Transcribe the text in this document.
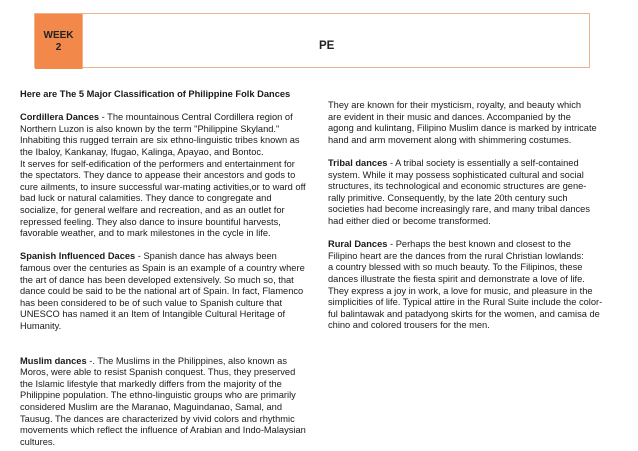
WEEK
2	PE

Here are The 5 Major Classification of Philippine Folk Dances

Cordillera Dances - The mountainous Central Cordillera region of
Northern Luzon is also known by the term "Philippine Skyland."
Inhabiting this rugged terrain are six ethno-linguistic tribes known as
the Ibaloy, Kankanay, Ifugao, Kalinga, Apayao, and Bontoc.
It serves for self-edification of the performers and entertainment for
the spectators. They dance to appease their ancestors and gods to
cure ailments, to insure successful war-mating activities,or to ward off
bad luck or natural calamities. They dance to congregate and
socialize, for general welfare and recreation, and as an outlet for
repressed feeling. They also dance to insure bountiful harvests,
favorable weather, and to mark milestones in the cycle in life.

Spanish Influenced Daces - Spanish dance has always been
famous over the centuries as Spain is an example of a country where
the art of dance has been developed extensively. So much so, that
dance could be said to be the national art of Spain. In fact, Flamenco
has been considered to be of such value to Spanish culture that
UNESCO has named it an Item of Intangible Cultural Heritage of
Humanity.

Muslim dances -. The Muslims in the Philippines, also known as
Moros, were able to resist Spanish conquest. Thus, they preserved
the Islamic lifestyle that markedly differs from the majority of the
Philippine population. The ethno-linguistic groups who are primarily
considered Muslim are the Maranao, Maguindanao, Samal, and
Tausug. The dances are characterized by vivid colors and rhythmic
movements which reflect the influence of Arabian and Indo-Malaysian
cultures.

They are known for their mysticism, royalty, and beauty which
are evident in their music and dances. Accompanied by the
agong and kulintang, Filipino Muslim dance is marked by intricate
hand and arm movement along with shimmering costumes.

Tribal dances - A tribal society is essentially a self-contained
system. While it may possess sophisticated cultural and social
structures, its technological and economic structures are gene-
rally primitive. Consequently, by the late 20th century such
societies had become increasingly rare, and many tribal dances
had either died or become transformed.

Rural Dances - Perhaps the best known and closest to the
Filipino heart are the dances from the rural Christian lowlands:
a country blessed with so much beauty. To the Filipinos, these
dances illustrate the fiesta spirit and demonstrate a love of life.
They express a joy in work, a love for music, and pleasure in the
simplicities of life. Typical attire in the Rural Suite include the color-
ful balintawak and patadyong skirts for the women, and camisa de
chino and colored trousers for the men.
